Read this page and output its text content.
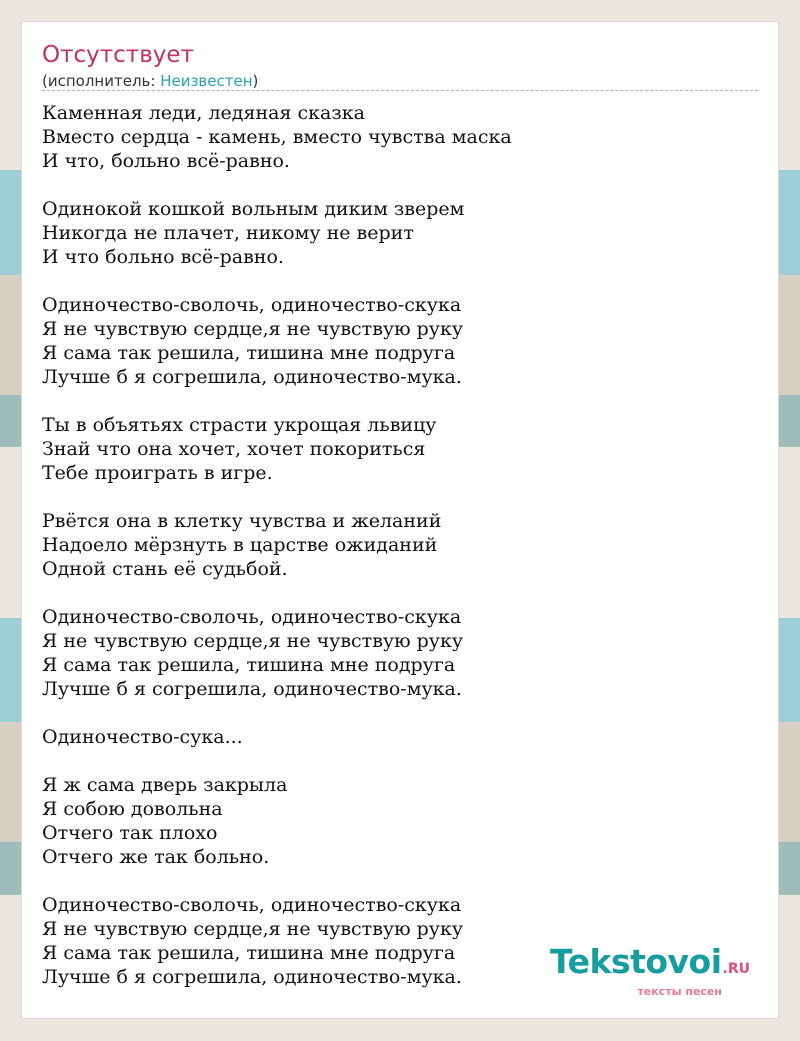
Отсутствует
(исполнитель: Неизвестен)
Каменная леди, ледяная сказка
Вместо сердца - камень, вместо чувства маска
И что, больно всё-равно.
Одинокой кошкой вольным диким зверем
Никогда не плачет, никому не верит
И что больно всё-равно.
Одиночество-сволочь, одиночество-скука
Я не чувствую сердце,я не чувствую руку
Я сама так решила, тишина мне подруга
Лучше б я согрешила, одиночество-мука.
Ты в объятьях страсти укрощая львицу
Знай что она хочет, хочет покориться
Тебе проиграть в игре.
Рвётся она в клетку чувства и желаний
Надоело мёрзнуть в царстве ожиданий
Одной стань её судьбой.
Одиночество-сволочь, одиночество-скука
Я не чувствую сердце,я не чувствую руку
Я сама так решила, тишина мне подруга
Лучше б я согрешила, одиночество-мука.
Одиночество-сука...
Я ж сама дверь закрыла
Я собою довольна
Отчего так плохо
Отчего же так больно.
Одиночество-сволочь, одиночество-скука
Я не чувствую сердце,я не чувствую руку
Я сама так решила, тишина мне подруга
Лучше б я согрешила, одиночество-мука.	Tekstovoi.RU
тексты песен
